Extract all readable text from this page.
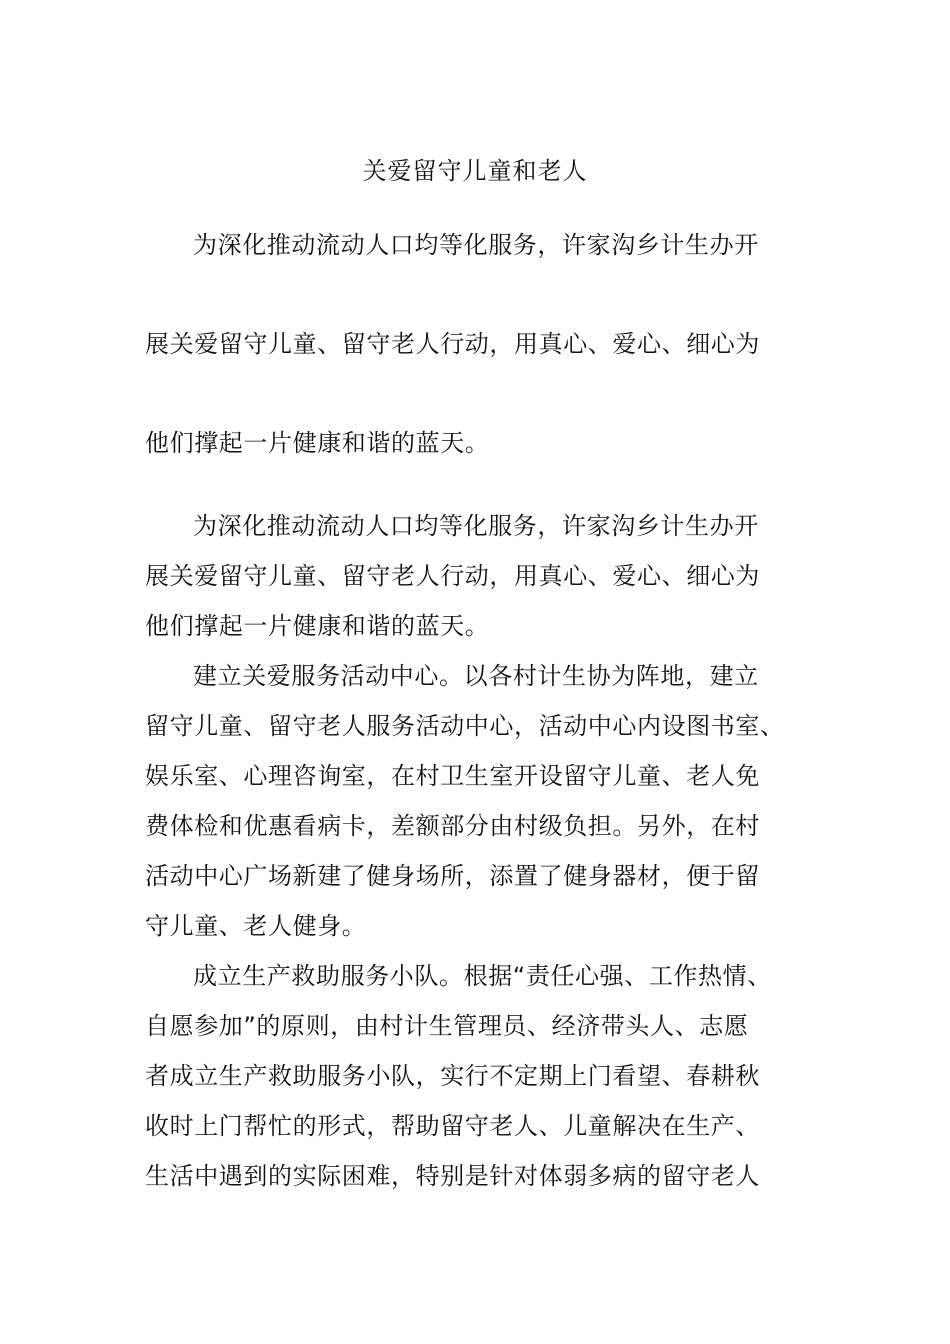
关爱留守儿童和老人
为深化推动流动人口均等化服务，许家沟乡计生办开
展关爱留守儿童、留守老人行动，用真心、爱心、细心为
他们撑起一片健康和谐的蓝天。
为深化推动流动人口均等化服务，许家沟乡计生办开
展关爱留守儿童、留守老人行动，用真心、爱心、细心为
他们撑起一片健康和谐的蓝天。
建立关爱服务活动中心。以各村计生协为阵地，建立
留守儿童、留守老人服务活动中心，活动中心内设图书室、
娱乐室、心理咨询室，在村卫生室开设留守儿童、老人免
费体检和优惠看病卡，差额部分由村级负担。另外，在村
活动中心广场新建了健身场所，添置了健身器材，便于留
守儿童、老人健身。
成立生产救助服务小队。根据“责任心强、工作热情、
自愿参加”的原则，由村计生管理员、经济带头人、志愿
者成立生产救助服务小队，实行不定期上门看望、春耕秋
收时上门帮忙的形式，帮助留守老人、儿童解决在生产、
生活中遇到的实际困难，特别是针对体弱多病的留守老人
